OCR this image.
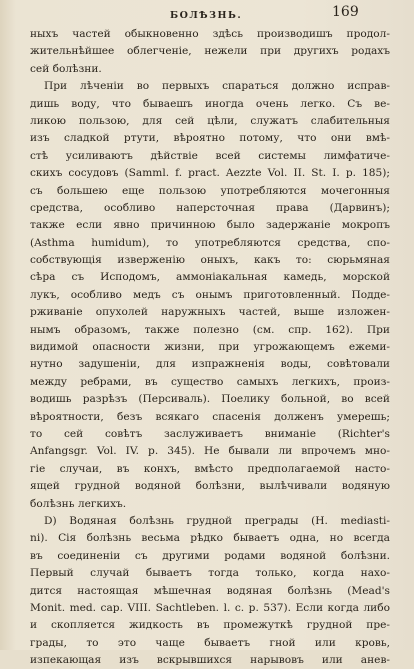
БОЛѢЗНЬ.	169
ныхъ частей обыкновенно здѣсь производишъ продол-
жительнѣйшее облегченіе, нежели при другихъ родахъ
сей болѣзни.
При лѣченіи во первыхъ спараться должно исправ-
дишь воду, что бываешъ иногда очень легко. Съ ве-
ликою пользою, для сей цѣли, служатъ слабительныя
изъ сладкой ртути, вѣроятно потому, что они вмѣ-
стѣ усиливаютъ дѣйствіе всей системы лимфатиче-
скихъ сосудовъ (Samml. f. pract. Aezzte Vol. II. St. I. p. 185);
съ большею еще пользою употребляются мочегонныя
средства, особливо наперсточная права (Дарвинъ);
также если явно причинною было задержаніе мокропъ
(Asthma humidum), то употребляются средства, спо-
собствующія изверженію оныхъ, какъ то: сюрьмяная
сѣра съ Исподомъ, аммоніакальная камедь, морской
лукъ, особливо медъ съ онымъ приготовленный. Подде-
рживаніе опухолей наружныхъ частей, выше изложен-
нымъ образомъ, также полезно (см. спр. 162). При
видимой опасности жизни, при угрожающемъ ежеми-
нутно задушеніи, для изпражненія воды, совѣтовали
между ребрами, въ существо самыхъ легкихъ, произ-
водишь разрѣзъ (Персиваль). Поелику больной, во всей
вѣроятности, безъ всякаго спасенія долженъ умерешь;
то сей совѣтъ заслуживаетъ вниманіе (Richter's
Anfangsgr. Vol. IV. p. 345). Не бывали ли впрочемъ мно-
гіе случаи, въ конхъ, вмѣсто предполагаемой насто-
ящей грудной водяной болѣзни, вылѣчивали водяную
болѣзнь легкихъ.
D) Водяная болѣзнь грудной преграды (H. mediasti-
ni). Сія болѣзнь весьма рѣдко бываетъ одна, но всегда
въ соединеніи съ другими родами водяной болѣзни.
Первый случай бываетъ тогда только, когда нахо-
дится настоящая мѣшечная водяная болѣзнь (Mead's
Monit. med. cap. VIII. Sachtleben. l. c. p. 537). Если когда либо
и скопляется жидкость въ промежуткѣ грудной пре-
грады, то это чаще бываетъ гной или кровь,
изпекающая изъ вскрывшихся нарывовъ или анев-
